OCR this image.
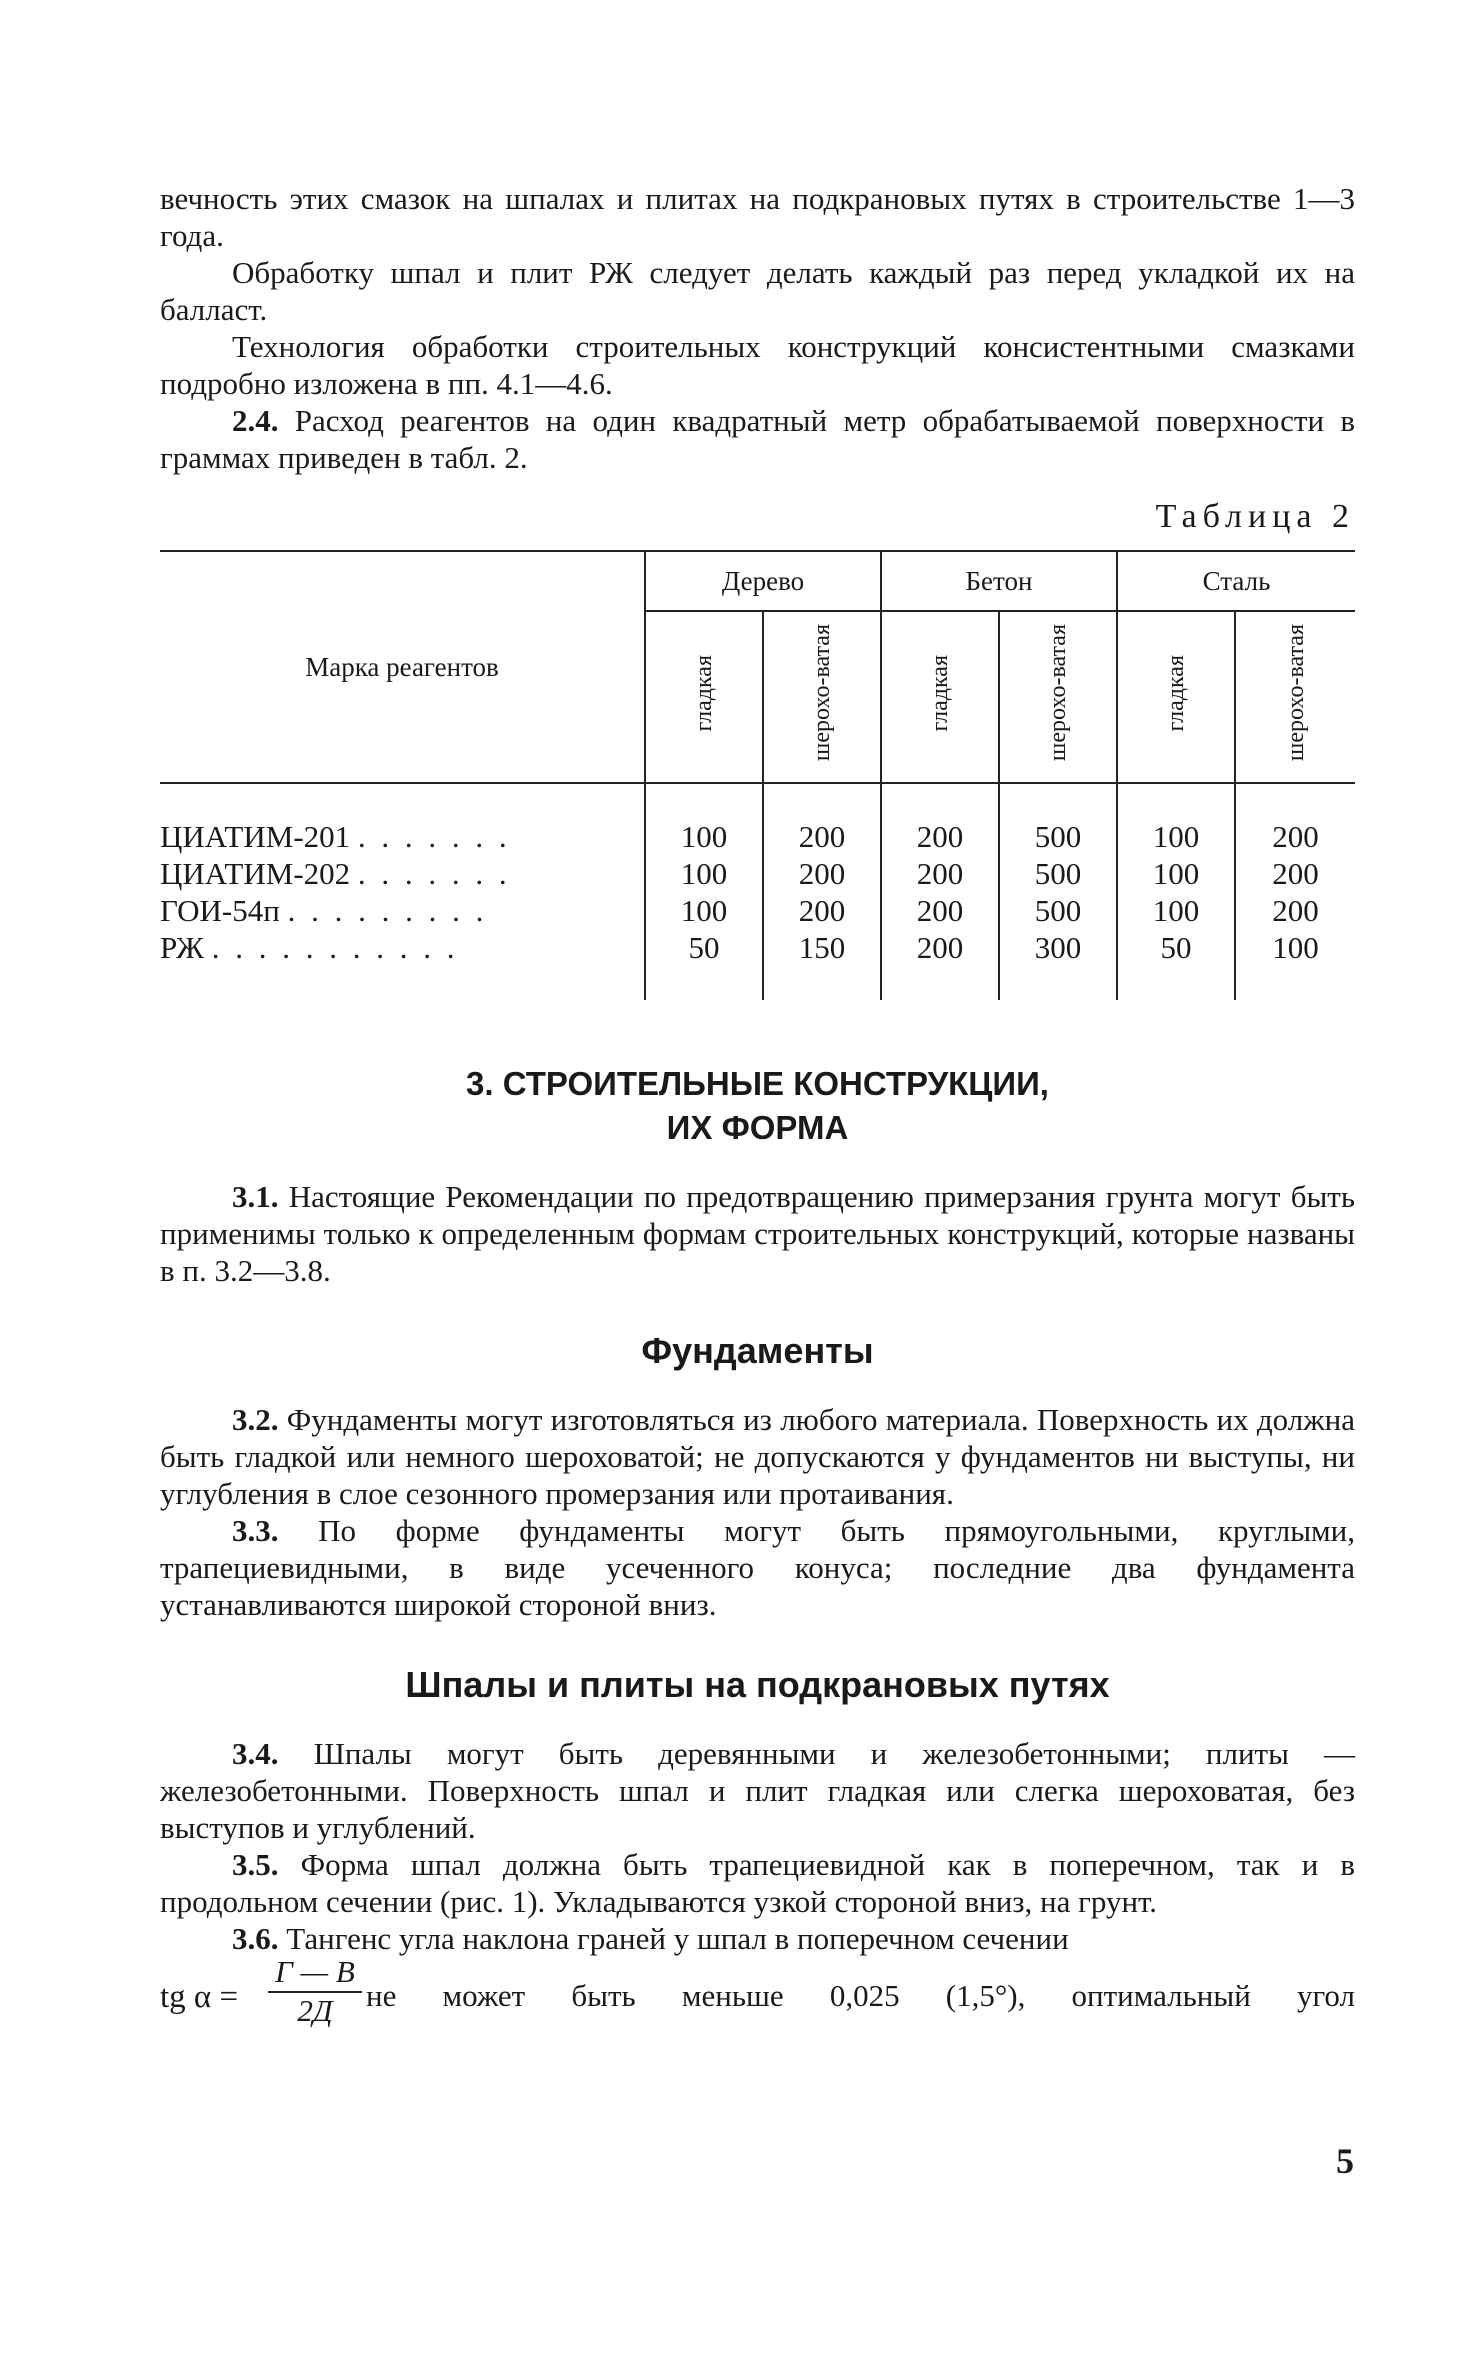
вечность этих смазок на шпалах и плитах на подкрановых путях в строительстве 1—3 года.

Обработку шпал и плит РЖ следует делать каждый раз перед укладкой их на балласт.

Технология обработки строительных конструкций консистентными смазками подробно изложена в пп. 4.1—4.6.

2.4. Расход реагентов на один квадратный метр обрабатываемой поверхности в граммах приведен в табл. 2.

Таблица 2
Марка реагентов	Дерево		Бетон		Сталь	
	гладкая	шерохо-ватая	гладкая	шерохо-ватая	гладкая	шерохо-ватая
ЦИАТИМ-201 . . . . . . .	100	200	200	500	100	200
ЦИАТИМ-202 . . . . . . .	100	200	200	500	100	200
ГОИ-54п . . . . . . . . .	100	200	200	500	100	200
РЖ . . . . . . . . . . .	50	150	200	300	50	100

3. СТРОИТЕЛЬНЫЕ КОНСТРУКЦИИ,
ИХ ФОРМА

3.1. Настоящие Рекомендации по предотвращению примерзания грунта могут быть применимы только к определенным формам строительных конструкций, которые названы в п. 3.2—3.8.

Фундаменты

3.2. Фундаменты могут изготовляться из любого материала. Поверхность их должна быть гладкой или немного шероховатой; не допускаются у фундаментов ни выступы, ни углубления в слое сезонного промерзания или протаивания.

3.3. По форме фундаменты могут быть прямоугольными, круглыми, трапециевидными, в виде усеченного конуса; последние два фундамента устанавливаются широкой стороной вниз.

Шпалы и плиты на подкрановых путях

3.4. Шпалы могут быть деревянными и железобетонными; плиты — железобетонными. Поверхность шпал и плит гладкая или слегка шероховатая, без выступов и углублений.

3.5. Форма шпал должна быть трапециевидной как в поперечном, так и в продольном сечении (рис. 1). Укладываются узкой стороной вниз, на грунт.

3.6. Тангенс угла наклона граней у шпал в поперечном сечении

tg α =
Г — В
2Д	не может быть меньше 0,025 (1,5°), оптимальный угол
5
